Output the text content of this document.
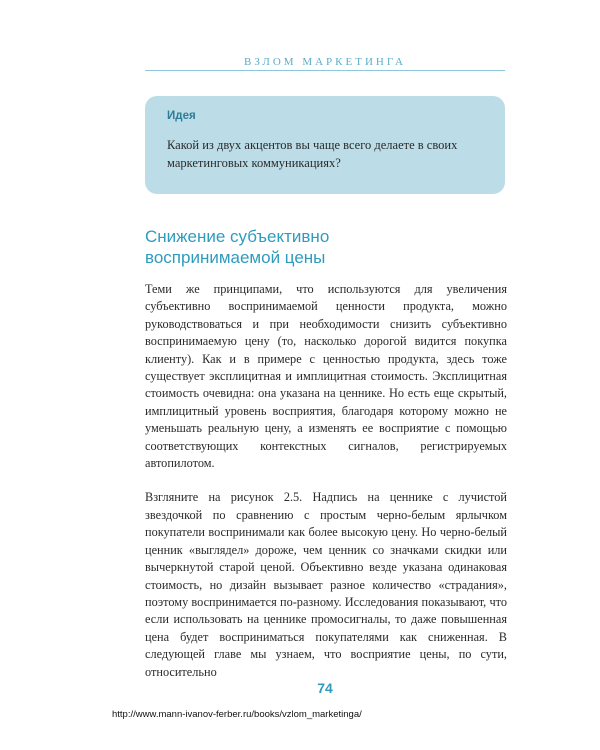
ВЗЛОМ МАРКЕТИНГА
Идея
Какой из двух акцентов вы чаще всего делаете в своих маркетинговых коммуникациях?
Снижение субъективно
воспринимаемой цены

Теми же принципами, что используются для увеличения субъективно воспринимаемой ценности продукта, можно руководствоваться и при необходимости снизить субъективно воспринимаемую цену (то, насколько дорогой видится покупка клиенту). Как и в примере с ценностью продукта, здесь тоже существует эксплицитная и имплицитная стоимость. Эксплицитная стоимость очевидна: она указана на ценнике. Но есть еще скрытый, имплицитный уровень восприятия, благодаря которому можно не уменьшать реальную цену, а изменять ее восприятие с помощью соответствующих контекстных сигналов, регистрируемых автопилотом.

Взгляните на рисунок 2.5. Надпись на ценнике с лучистой звездочкой по сравнению с простым черно-белым ярлычком покупатели воспринимали как более высокую цену. Но черно-белый ценник «выглядел» дороже, чем ценник со значками скидки или вычеркнутой старой ценой. Объективно везде указана одинаковая стоимость, но дизайн вызывает разное количество «страдания», поэтому воспринимается по-разному. Исследования показывают, что если использовать на ценнике промосигналы, то даже повышенная цена будет восприниматься покупателями как сниженная. В следующей главе мы узнаем, что восприятие цены, по сути, относительно

74
http://www.mann-ivanov-ferber.ru/books/vzlom_marketinga/
